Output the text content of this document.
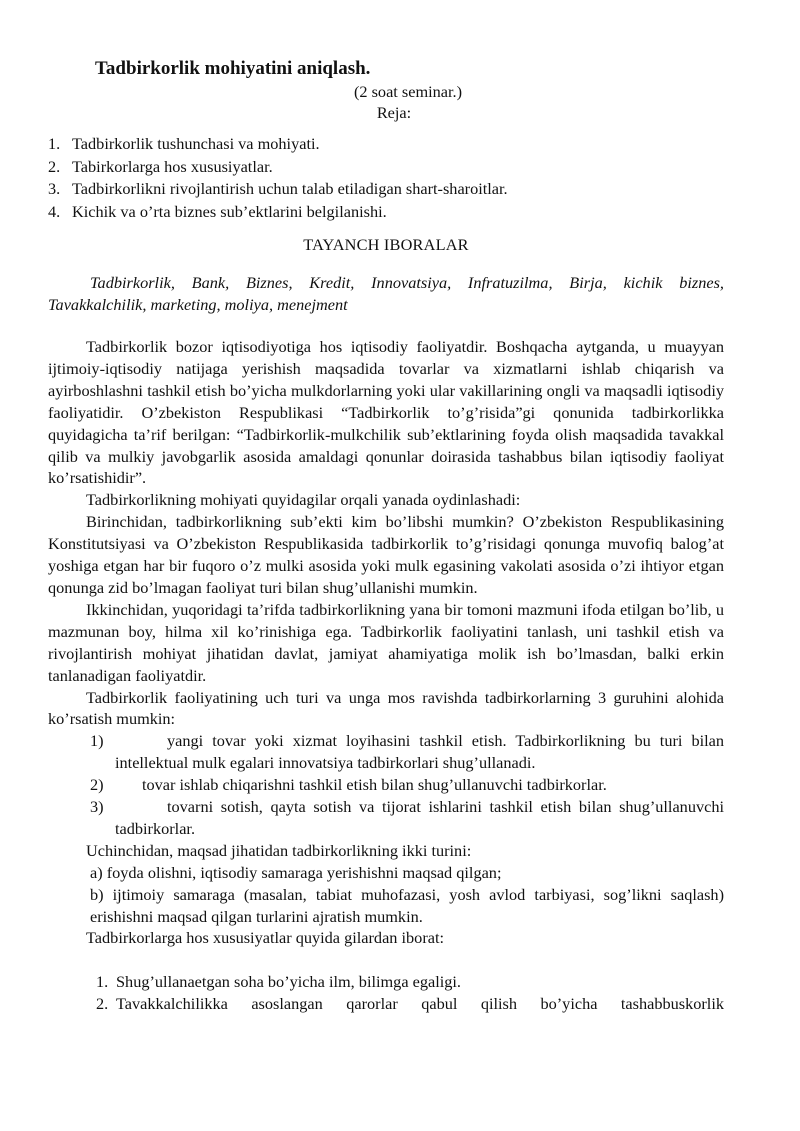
Tadbirkorlik mohiyatini aniqlash.
(2 soat seminar.)
Reja:
1. Tadbirkorlik tushunchasi va mohiyati.
2. Tabirkorlarga hos xususiyatlar.
3. Tadbirkorlikni rivojlantirish uchun talab etiladigan shart-sharoitlar.
4. Kichik va o’rta biznes sub’ektlarini belgilanishi.
TAYANCH IBORALAR
Tadbirkorlik, Bank, Biznes, Kredit, Innovatsiya, Infratuzilma, Birja, kichik biznes, Tavakkalchilik, marketing, moliya, menejment

Tadbirkorlik bozor iqtisodiyotiga hos iqtisodiy faoliyatdir. Boshqacha aytganda, u muayyan ijtimoiy-iqtisodiy natijaga yerishish maqsadida tovarlar va xizmatlarni ishlab chiqarish va ayirboshlashni tashkil etish bo’yicha mulkdorlarning yoki ular vakillarining ongli va maqsadli iqtisodiy faoliyatidir. O’zbekiston Respublikasi “Tadbirkorlik to’g’risida”gi qonunida tadbirkorlikka quyidagicha ta’rif berilgan: “Tadbirkorlik-mulkchilik sub’ektlarining foyda olish maqsadida tavakkal qilib va mulkiy javobgarlik asosida amaldagi qonunlar doirasida tashabbus bilan iqtisodiy faoliyat ko’rsatishidir”.

Tadbirkorlikning mohiyati quyidagilar orqali yanada oydinlashadi:

Birinchidan, tadbirkorlikning sub’ekti kim bo’libshi mumkin? O’zbekiston Respublikasining Konstitutsiyasi va O’zbekiston Respublikasida tadbirkorlik to’g’risidagi qonunga muvofiq balog’at yoshiga etgan har bir fuqoro o’z mulki asosida yoki mulk egasining vakolati asosida o’zi ihtiyor etgan qonunga zid bo’lmagan faoliyat turi bilan shug’ullanishi mumkin.

Ikkinchidan, yuqoridagi ta’rifda tadbirkorlikning yana bir tomoni mazmuni ifoda etilgan bo’lib, u mazmunan boy, hilma xil ko’rinishiga ega. Tadbirkorlik faoliyatini tanlash, uni tashkil etish va rivojlantirish mohiyat jihatidan davlat, jamiyat ahamiyatiga molik ish bo’lmasdan, balki erkin tanlanadigan faoliyatdir.

Tadbirkorlik faoliyatining uch turi va unga mos ravishda tadbirkorlarning 3 guruhini alohida ko’rsatish mumkin:

1)	yangi tovar yoki xizmat loyihasini tashkil etish. Tadbirkorlikning bu turi bilan intellektual mulk egalari innovatsiya tadbirkorlari shug’ullanadi.
2)	tovar ishlab chiqarishni tashkil etish bilan shug’ullanuvchi tadbirkorlar.
3)	tovarni sotish, qayta sotish va tijorat ishlarini tashkil etish bilan shug’ullanuvchi tadbirkorlar.

Uchinchidan, maqsad jihatidan tadbirkorlikning ikki turini:

a) foyda olishni, iqtisodiy samaraga yerishishni maqsad qilgan;
b) ijtimoiy samaraga (masalan, tabiat muhofazasi, yosh avlod tarbiyasi, sog’likni saqlash) erishishni maqsad qilgan turlarini ajratish mumkin.

Tadbirkorlarga hos xususiyatlar quyida gilardan iborat:

1. Shug’ullanaetgan soha bo’yicha ilm, bilimga egaligi.
2. Tavakkalchilikka asoslangan qarorlar qabul qilish bo’yicha tashabbuskorlik
